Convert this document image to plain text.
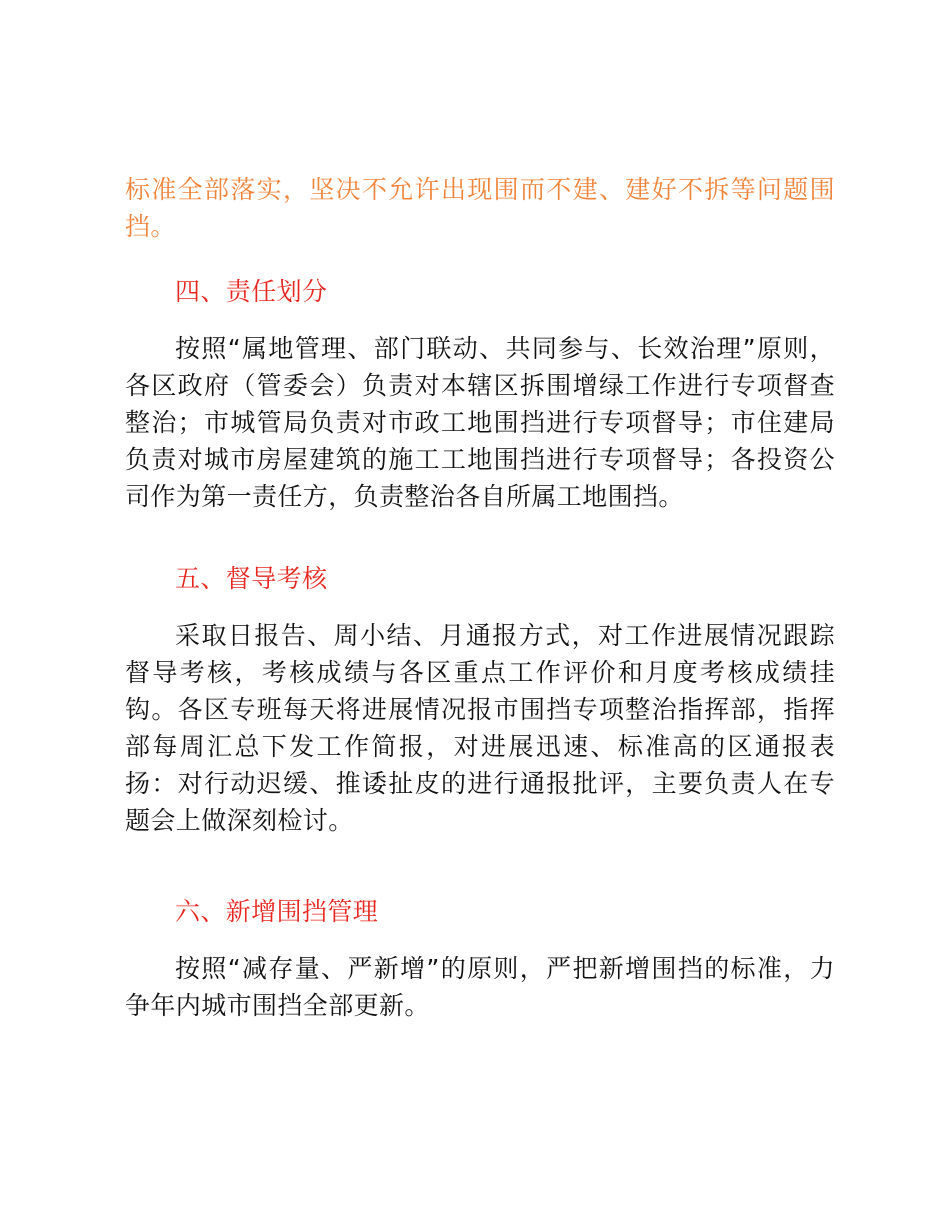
标准全部落实，坚决不允许出现围而不建、建好不拆等问题围挡。

四、责任划分

按照“属地管理、部门联动、共同参与、长效治理”原则，各区政府（管委会）负责对本辖区拆围增绿工作进行专项督查整治；市城管局负责对市政工地围挡进行专项督导；市住建局负责对城市房屋建筑的施工工地围挡进行专项督导；各投资公司作为第一责任方，负责整治各自所属工地围挡。

五、督导考核

采取日报告、周小结、月通报方式，对工作进展情况跟踪督导考核，考核成绩与各区重点工作评价和月度考核成绩挂钩。各区专班每天将进展情况报市围挡专项整治指挥部，指挥部每周汇总下发工作简报，对进展迅速、标准高的区通报表扬：对行动迟缓、推诿扯皮的进行通报批评，主要负责人在专题会上做深刻检讨。

六、新增围挡管理

按照“减存量、严新增”的原则，严把新增围挡的标准，力争年内城市围挡全部更新。
